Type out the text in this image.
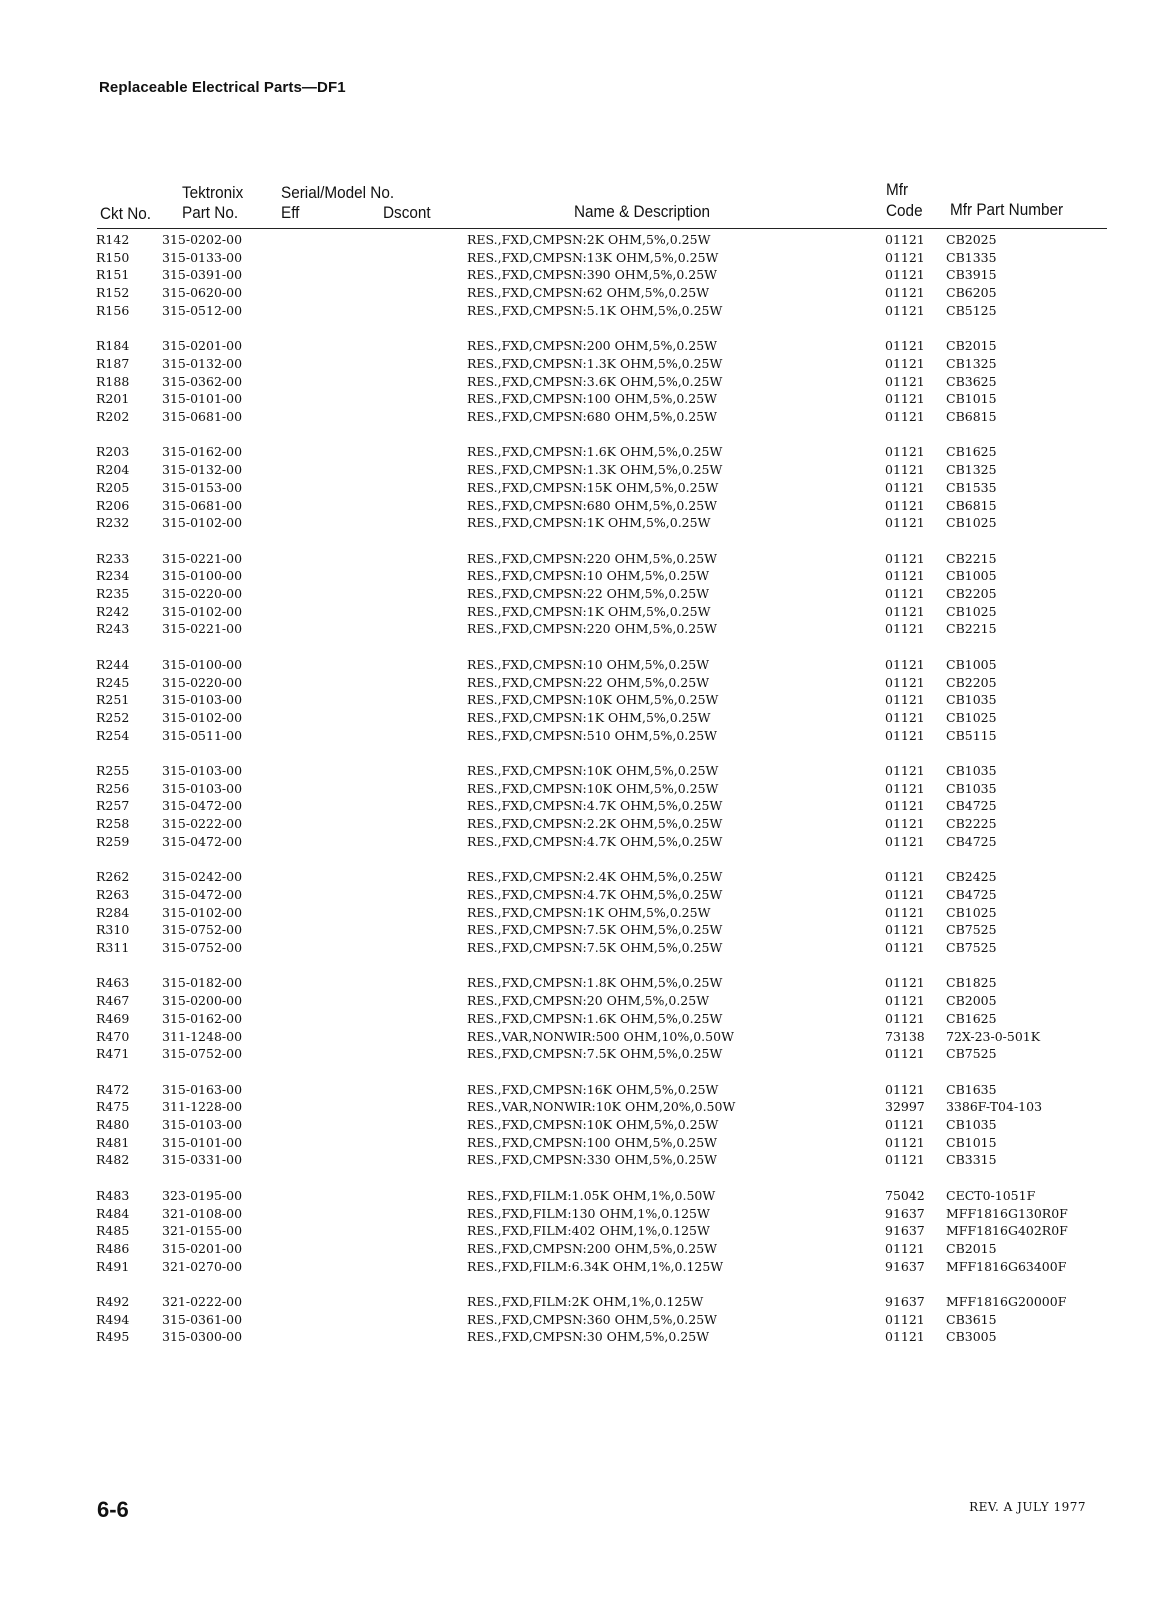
Replaceable Electrical Parts—DF1
Tektronix Serial/Model No.	Mfr
Ckt No. Part No.	Eff	Dscont	Name & Description	Code Mfr Part Number
R142	315-0202-00	RES.,FXD,CMPSN:2K OHM,5%,0.25W	01121 CB2025
R150	315-0133-00	RES.,FXD,CMPSN:13K OHM,5%,0.25W	01121 CB1335
R151	315-0391-00	RES.,FXD,CMPSN:390 OHM,5%,0.25W	01121 CB3915
R152	315-0620-00	RES.,FXD,CMPSN:62 OHM,5%,0.25W	01121 CB6205
R156	315-0512-00	RES.,FXD,CMPSN:5.1K OHM,5%,0.25W	01121 CB5125
R184	315-0201-00	RES.,FXD,CMPSN:200 OHM,5%,0.25W	01121 CB2015
R187	315-0132-00	RES.,FXD,CMPSN:1.3K OHM,5%,0.25W	01121 CB1325
R188	315-0362-00	RES.,FXD,CMPSN:3.6K OHM,5%,0.25W	01121 CB3625
R201	315-0101-00	RES.,FXD,CMPSN:100 OHM,5%,0.25W	01121 CB1015
R202	315-0681-00	RES.,FXD,CMPSN:680 OHM,5%,0.25W	01121 CB6815
R203	315-0162-00	RES.,FXD,CMPSN:1.6K OHM,5%,0.25W	01121 CB1625
R204	315-0132-00	RES.,FXD,CMPSN:1.3K OHM,5%,0.25W	01121 CB1325
R205	315-0153-00	RES.,FXD,CMPSN:15K OHM,5%,0.25W	01121 CB1535
R206	315-0681-00	RES.,FXD,CMPSN:680 OHM,5%,0.25W	01121 CB6815
R232	315-0102-00	RES.,FXD,CMPSN:1K OHM,5%,0.25W	01121 CB1025
R233	315-0221-00	RES.,FXD,CMPSN:220 OHM,5%,0.25W	01121 CB2215
R234	315-0100-00	RES.,FXD,CMPSN:10 OHM,5%,0.25W	01121 CB1005
R235	315-0220-00	RES.,FXD,CMPSN:22 OHM,5%,0.25W	01121 CB2205
R242	315-0102-00	RES.,FXD,CMPSN:1K OHM,5%,0.25W	01121 CB1025
R243	315-0221-00	RES.,FXD,CMPSN:220 OHM,5%,0.25W	01121 CB2215
R244	315-0100-00	RES.,FXD,CMPSN:10 OHM,5%,0.25W	01121 CB1005
R245	315-0220-00	RES.,FXD,CMPSN:22 OHM,5%,0.25W	01121 CB2205
R251	315-0103-00	RES.,FXD,CMPSN:10K OHM,5%,0.25W	01121 CB1035
R252	315-0102-00	RES.,FXD,CMPSN:1K OHM,5%,0.25W	01121 CB1025
R254	315-0511-00	RES.,FXD,CMPSN:510 OHM,5%,0.25W	01121 CB5115
R255	315-0103-00	RES.,FXD,CMPSN:10K OHM,5%,0.25W	01121 CB1035
R256	315-0103-00	RES.,FXD,CMPSN:10K OHM,5%,0.25W	01121 CB1035
R257	315-0472-00	RES.,FXD,CMPSN:4.7K OHM,5%,0.25W	01121 CB4725
R258	315-0222-00	RES.,FXD,CMPSN:2.2K OHM,5%,0.25W	01121 CB2225
R259	315-0472-00	RES.,FXD,CMPSN:4.7K OHM,5%,0.25W	01121 CB4725
R262	315-0242-00	RES.,FXD,CMPSN:2.4K OHM,5%,0.25W	01121 CB2425
R263	315-0472-00	RES.,FXD,CMPSN:4.7K OHM,5%,0.25W	01121 CB4725
R284	315-0102-00	RES.,FXD,CMPSN:1K OHM,5%,0.25W	01121 CB1025
R310	315-0752-00	RES.,FXD,CMPSN:7.5K OHM,5%,0.25W	01121 CB7525
R311	315-0752-00	RES.,FXD,CMPSN:7.5K OHM,5%,0.25W	01121 CB7525
R463	315-0182-00	RES.,FXD,CMPSN:1.8K OHM,5%,0.25W	01121 CB1825
R467	315-0200-00	RES.,FXD,CMPSN:20 OHM,5%,0.25W	01121 CB2005
R469	315-0162-00	RES.,FXD,CMPSN:1.6K OHM,5%,0.25W	01121 CB1625
R470	311-1248-00	RES.,VAR,NONWIR:500 OHM,10%,0.50W	73138 72X-23-0-501K
R471	315-0752-00	RES.,FXD,CMPSN:7.5K OHM,5%,0.25W	01121 CB7525
R472	315-0163-00	RES.,FXD,CMPSN:16K OHM,5%,0.25W	01121 CB1635
R475	311-1228-00	RES.,VAR,NONWIR:10K OHM,20%,0.50W	32997 3386F-T04-103
R480	315-0103-00	RES.,FXD,CMPSN:10K OHM,5%,0.25W	01121 CB1035
R481	315-0101-00	RES.,FXD,CMPSN:100 OHM,5%,0.25W	01121 CB1015
R482	315-0331-00	RES.,FXD,CMPSN:330 OHM,5%,0.25W	01121 CB3315
R483	323-0195-00	RES.,FXD,FILM:1.05K OHM,1%,0.50W	75042 CECT0-1051F
R484	321-0108-00	RES.,FXD,FILM:130 OHM,1%,0.125W	91637 MFF1816G130R0F
R485	321-0155-00	RES.,FXD,FILM:402 OHM,1%,0.125W	91637 MFF1816G402R0F
R486	315-0201-00	RES.,FXD,CMPSN:200 OHM,5%,0.25W	01121 CB2015
R491	321-0270-00	RES.,FXD,FILM:6.34K OHM,1%,0.125W	91637 MFF1816G63400F
R492	321-0222-00	RES.,FXD,FILM:2K OHM,1%,0.125W	91637 MFF1816G20000F
R494	315-0361-00	RES.,FXD,CMPSN:360 OHM,5%,0.25W	01121 CB3615
R495	315-0300-00	RES.,FXD,CMPSN:30 OHM,5%,0.25W	01121 CB3005
6-6	REV. A JULY 1977
